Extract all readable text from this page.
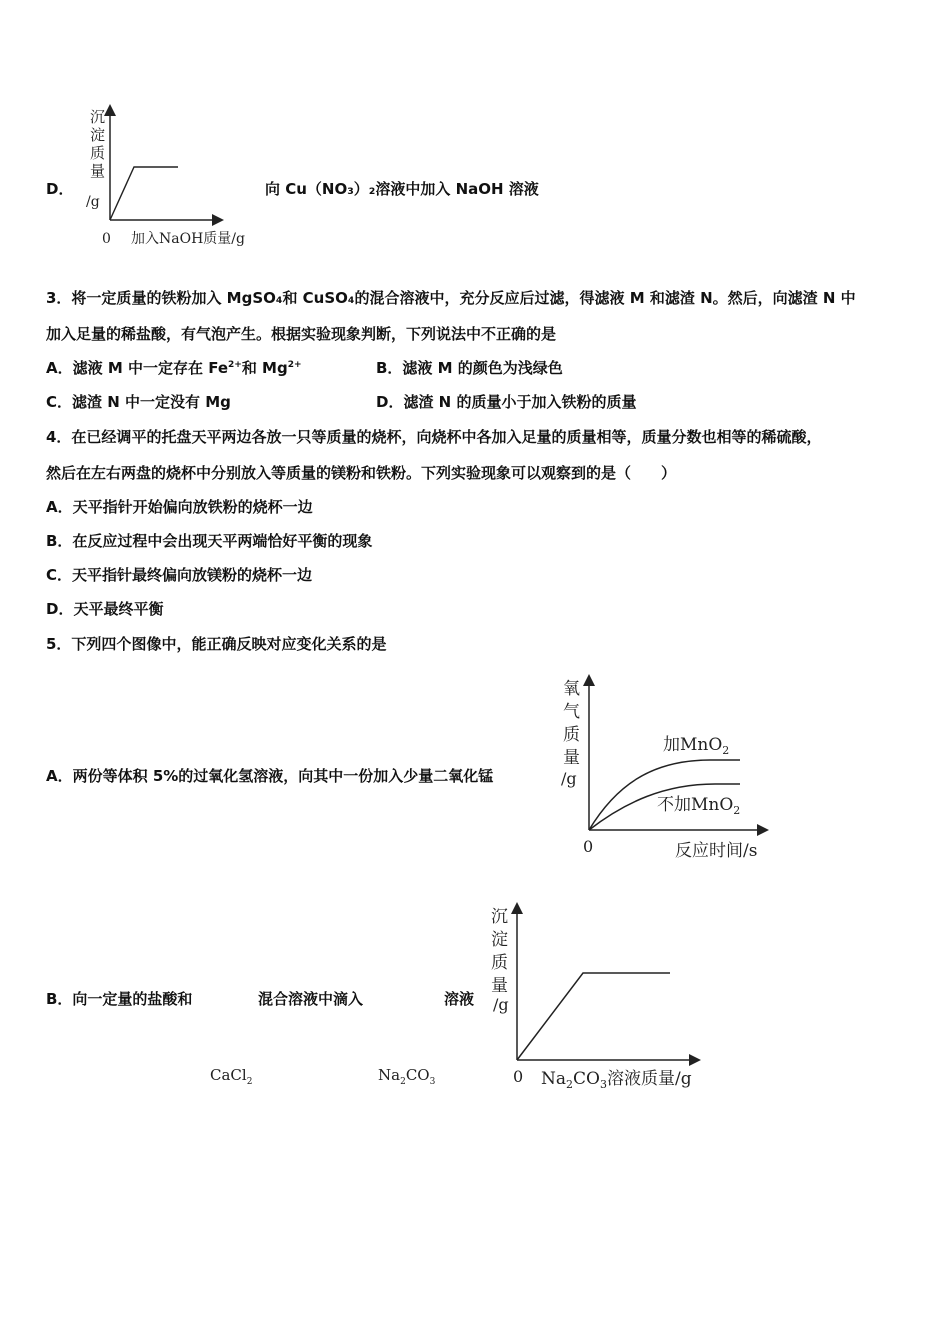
D．
沉
淀
质
量
/g
0 加入NaOH质量/g
向 Cu（NO₃）₂溶液中加入 NaOH 溶液
3．将一定质量的铁粉加入 MgSO₄和 CuSO₄的混合溶液中，充分反应后过滤，得滤液 M 和滤渣 N。然后，向滤渣 N 中
加入足量的稀盐酸，有气泡产生。根据实验现象判断，下列说法中不正确的是
A．滤液 M 中一定存在 $Fe^{2+}$和 $Mg^{2+}$	B．滤液 M 的颜色为浅绿色
C．滤渣 N 中一定没有 Mg	D．滤渣 N 的质量小于加入铁粉的质量
4．在已经调平的托盘天平两边各放一只等质量的烧杯，向烧杯中各加入足量的质量相等，质量分数也相等的稀硫酸，
然后在左右两盘的烧杯中分别放入等质量的镁粉和铁粉。下列实验现象可以观察到的是（　　）
A．天平指针开始偏向放铁粉的烧杯一边
B．在反应过程中会出现天平两端恰好平衡的现象
C．天平指针最终偏向放镁粉的烧杯一边
D．天平最终平衡
5．下列四个图像中，能正确反映对应变化关系的是
A．两份等体积 5%的过氧化氢溶液，向其中一份加入少量二氧化锰
氧
气
质
量
/g
加MnO$_2$
不加MnO$_2$
0	反应时间/s
B．向一定量的盐酸和	混合溶液中滴入	溶液
CaCl$_2$	$Na_2CO_3$
沉
淀
质
量
/g
0 $Na_2CO_3$溶液质量/g
